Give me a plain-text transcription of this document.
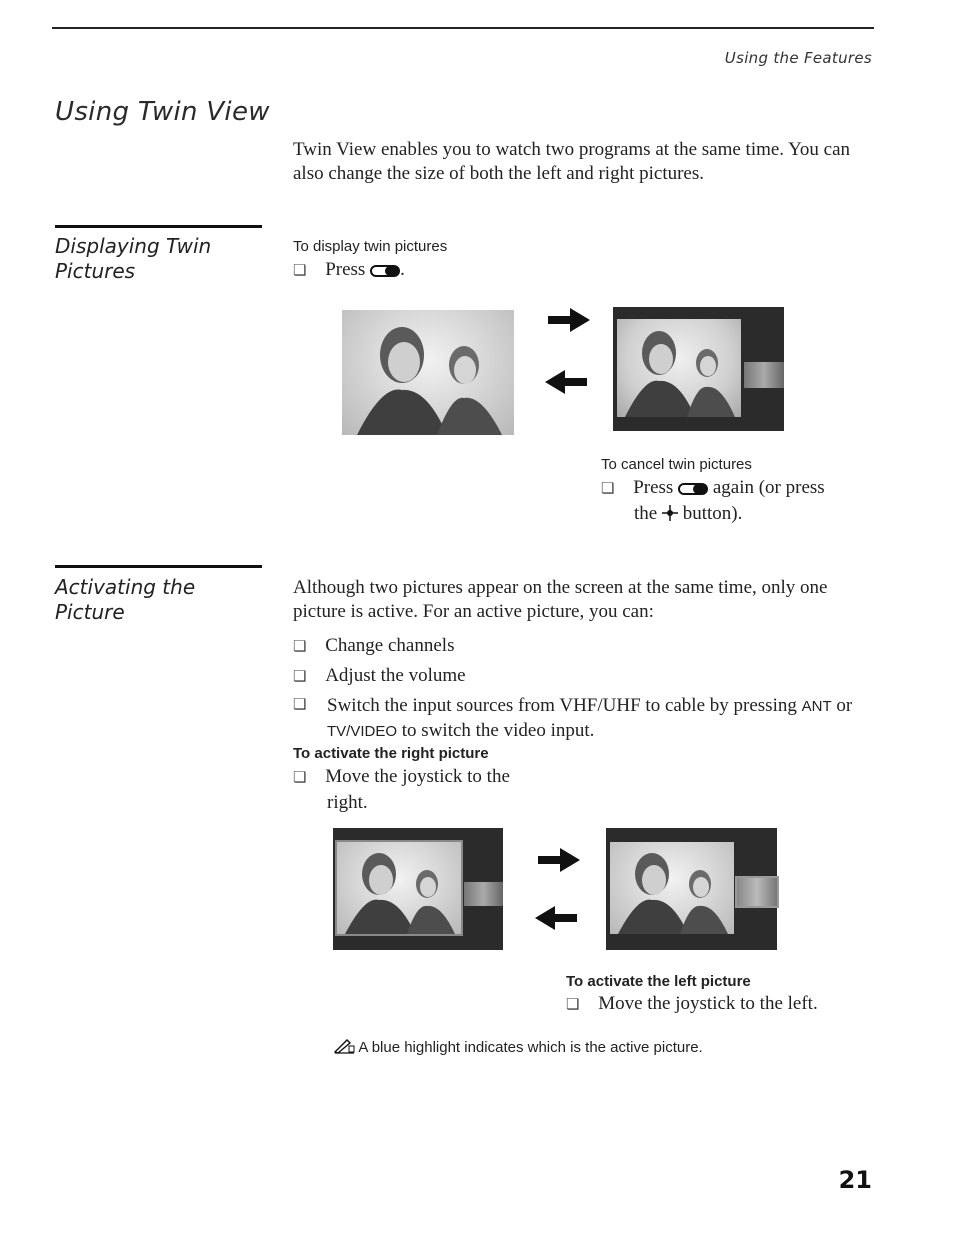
Using the Features
Using Twin View
Twin View enables you to watch two programs at the same time. You can also change the size of both the left and right pictures.
Displaying Twin
Pictures
To display twin pictures
❏ Press .
To cancel twin pictures
❏ Press again (or press
the button).
Activating the
Picture
Although two pictures appear on the screen at the same time, only one picture is active. For an active picture, you can:
❏ Change channels
❏ Adjust the volume
❏	Switch the input sources from VHF/UHF to cable by pressing ANT or TV/VIDEO to switch the video input.
To activate the right picture
❏ Move the joystick to the
right.
To activate the left picture
❏ Move the joystick to the left.
A blue highlight indicates which is the active picture.
21
